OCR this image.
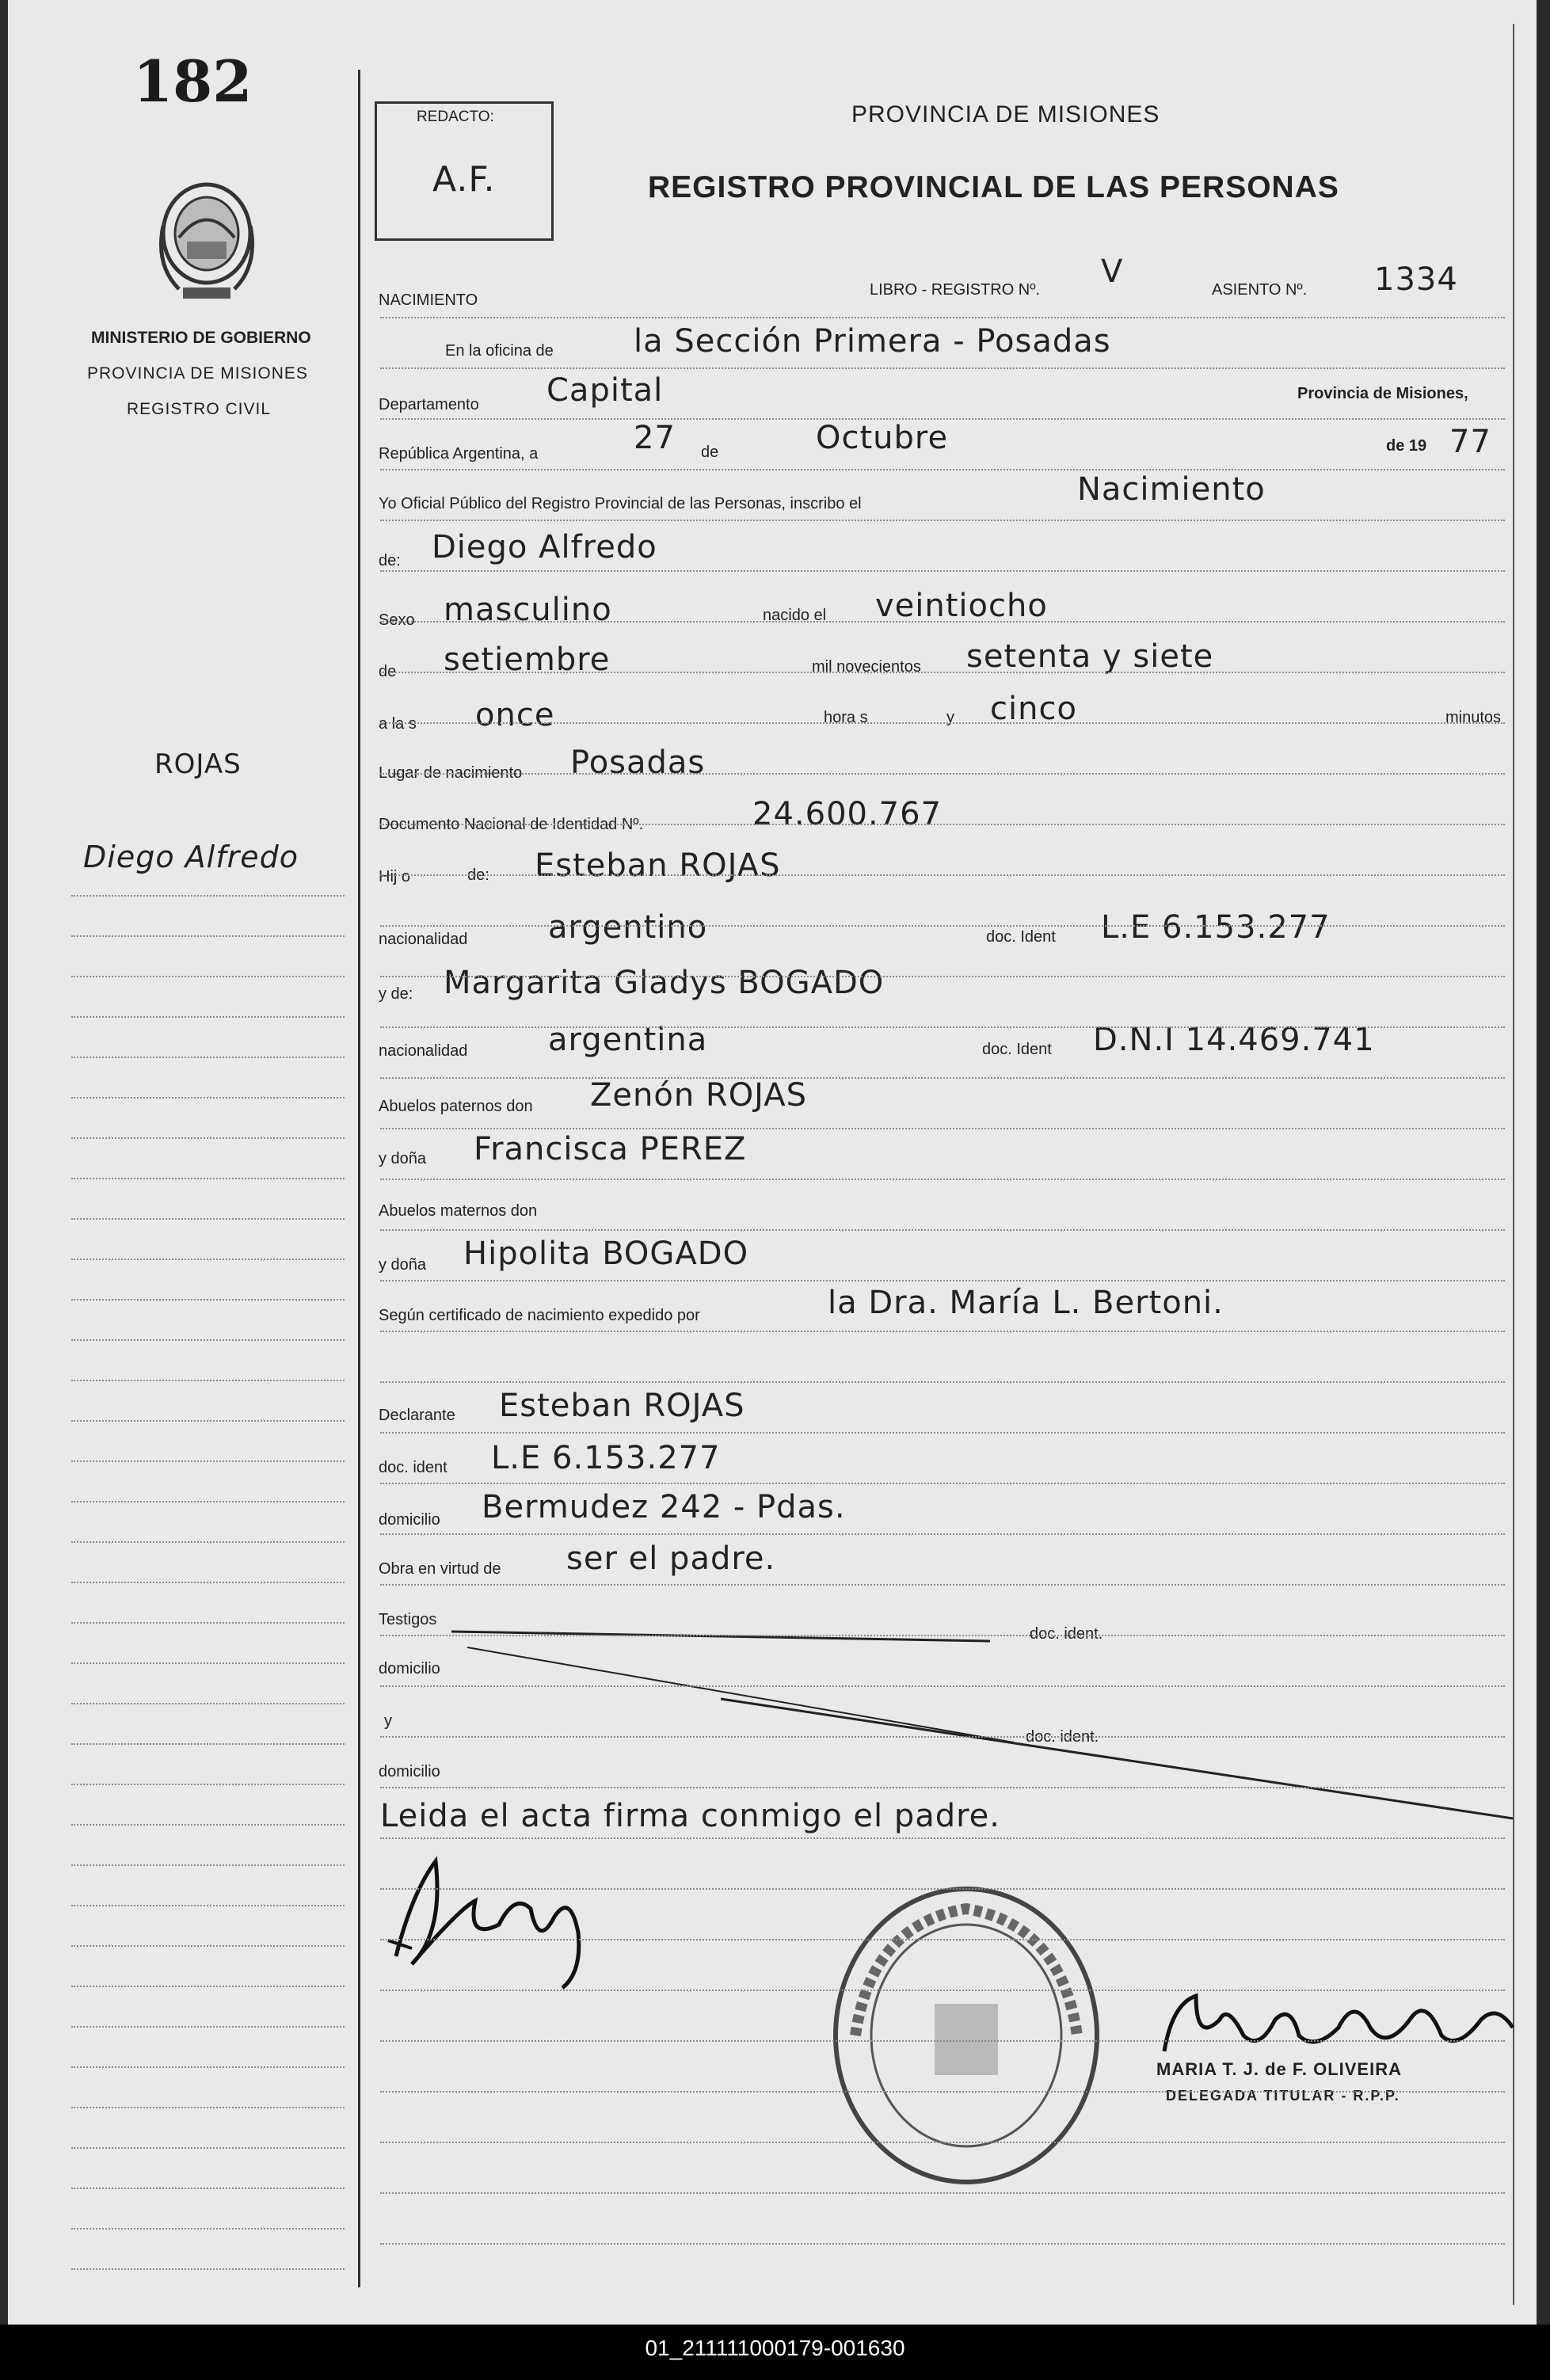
182
MINISTERIO DE GOBIERNO
PROVINCIA DE MISIONES
REGISTRO CIVIL
ROJAS
Diego Alfredo
REDACTO:
A.F.
PROVINCIA DE MISIONES
REGISTRO PROVINCIAL DE LAS PERSONAS
NACIMIENTO
LIBRO - REGISTRO Nº. V	ASIENTO Nº. 1334
En la oficina de	la Sección Primera - Posadas
Departamento Capital	Provincia de Misiones,
República Argentina, a	27 de	Octubre	de 19 77
Yo Oficial Público del Registro Provincial de las Personas, inscribo el	Nacimiento
de: Diego Alfredo
Sexo masculino	nacido el veintiocho
de setiembre	mil novecientos setenta y siete
a la s once	hora s	y cinco	minutos
Lugar de nacimiento Posadas
Documento Nacional de Identidad Nº.	24.600.767
Hij o	de: Esteban ROJAS
nacionalidad	argentino	doc. Ident L.E 6.153.277
y de: Margarita Gladys BOGADO
nacionalidad	argentina	doc. Ident D.N.I 14.469.741
Abuelos paternos don Zenón ROJAS
y doña Francisca PEREZ
Abuelos maternos don
y doña Hipolita BOGADO
Según certificado de nacimiento expedido por	la Dra. María L. Bertoni.
Declarante Esteban ROJAS
doc. ident L.E 6.153.277
domicilio Bermudez 242 - Pdas.
Obra en virtud de ser el padre.
Testigos
doc. ident.
domicilio
y
doc. ident.
domicilio
Leida el acta firma conmigo el padre.
MARIA T. J. de F. OLIVEIRA
DELEGADA TITULAR - R.P.P.
01_211111000179-001630
